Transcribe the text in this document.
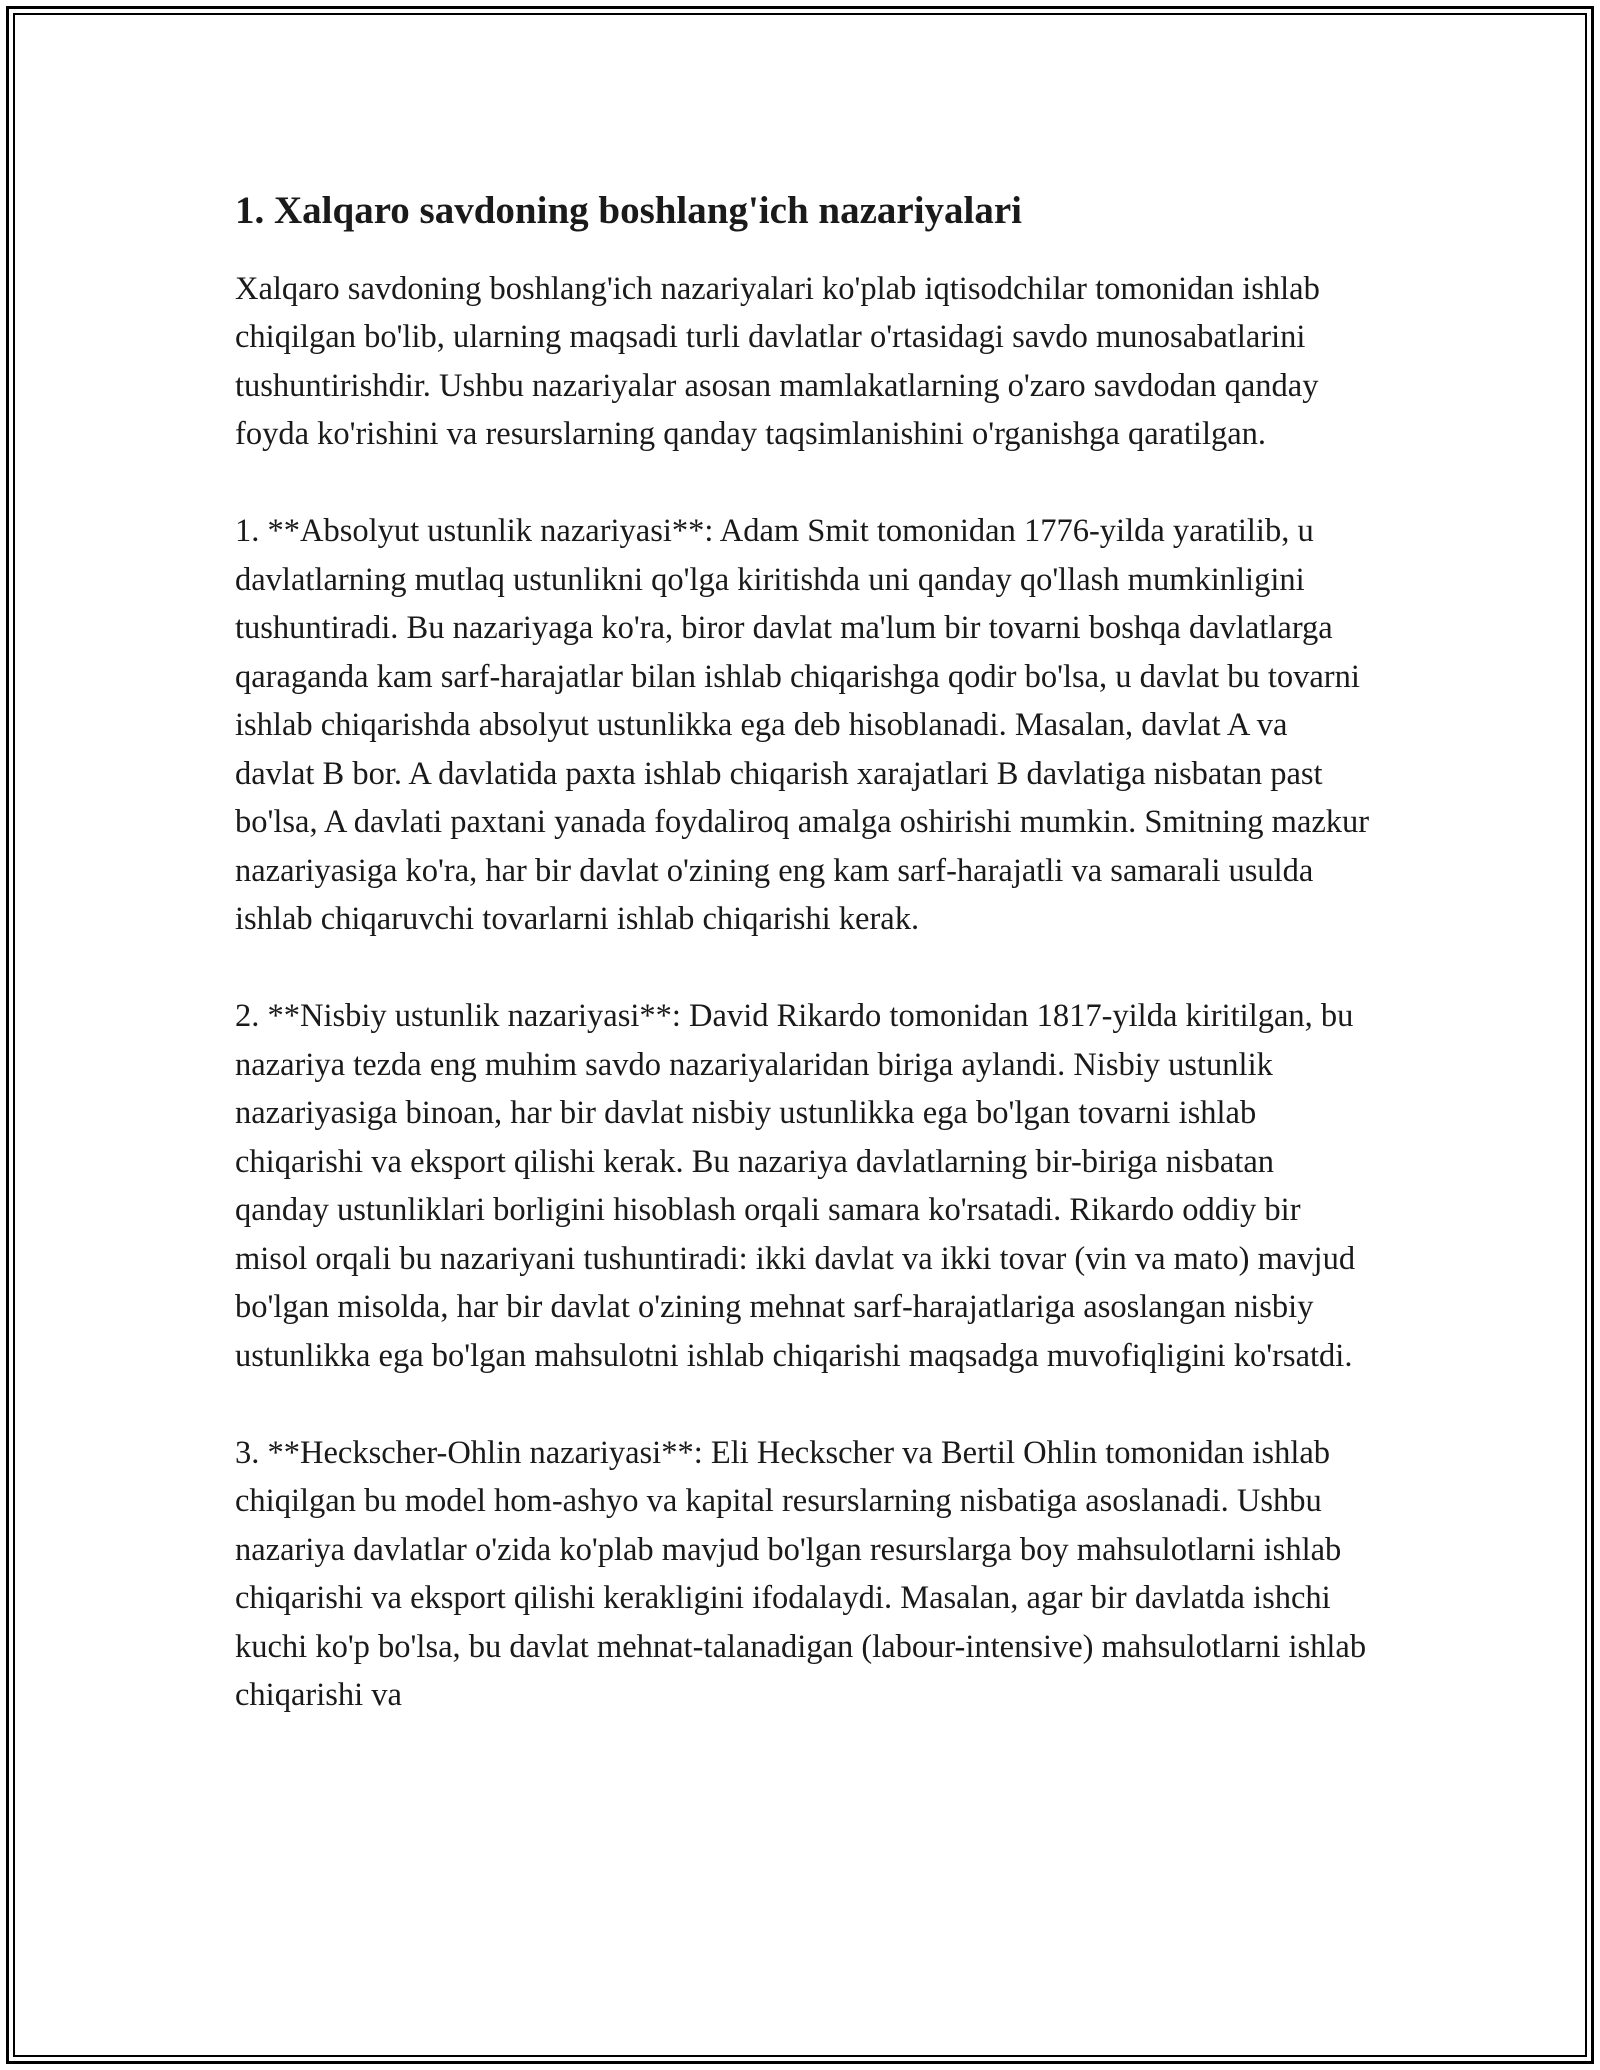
1. Xalqaro savdoning boshlang'ich nazariyalari

Xalqaro savdoning boshlang'ich nazariyalari ko'plab iqtisodchilar tomonidan ishlab chiqilgan bo'lib, ularning maqsadi turli davlatlar o'rtasidagi savdo munosabatlarini tushuntirishdir. Ushbu nazariyalar asosan mamlakatlarning o'zaro savdodan qanday foyda ko'rishini va resurslarning qanday taqsimlanishini o'rganishga qaratilgan.

1. **Absolyut ustunlik nazariyasi**: Adam Smit tomonidan 1776-yilda yaratilib, u davlatlarning mutlaq ustunlikni qo'lga kiritishda uni qanday qo'llash mumkinligini tushuntiradi. Bu nazariyaga ko'ra, biror davlat ma'lum bir tovarni boshqa davlatlarga qaraganda kam sarf-harajatlar bilan ishlab chiqarishga qodir bo'lsa, u davlat bu tovarni ishlab chiqarishda absolyut ustunlikka ega deb hisoblanadi. Masalan, davlat A va davlat B bor. A davlatida paxta ishlab chiqarish xarajatlari B davlatiga nisbatan past bo'lsa, A davlati paxtani yanada foydaliroq amalga oshirishi mumkin. Smitning mazkur nazariyasiga ko'ra, har bir davlat o'zining eng kam sarf-harajatli va samarali usulda ishlab chiqaruvchi tovarlarni ishlab chiqarishi kerak.

2. **Nisbiy ustunlik nazariyasi**: David Rikardo tomonidan 1817-yilda kiritilgan, bu nazariya tezda eng muhim savdo nazariyalaridan biriga aylandi. Nisbiy ustunlik nazariyasiga binoan, har bir davlat nisbiy ustunlikka ega bo'lgan tovarni ishlab chiqarishi va eksport qilishi kerak. Bu nazariya davlatlarning bir-biriga nisbatan qanday ustunliklari borligini hisoblash orqali samara ko'rsatadi. Rikardo oddiy bir misol orqali bu nazariyani tushuntiradi: ikki davlat va ikki tovar (vin va mato) mavjud bo'lgan misolda, har bir davlat o'zining mehnat sarf-harajatlariga asoslangan nisbiy ustunlikka ega bo'lgan mahsulotni ishlab chiqarishi maqsadga muvofiqligini ko'rsatdi.

3. **Heckscher-Ohlin nazariyasi**: Eli Heckscher va Bertil Ohlin tomonidan ishlab chiqilgan bu model hom-ashyo va kapital resurslarning nisbatiga asoslanadi. Ushbu nazariya davlatlar o'zida ko'plab mavjud bo'lgan resurslarga boy mahsulotlarni ishlab chiqarishi va eksport qilishi kerakligini ifodalaydi. Masalan, agar bir davlatda ishchi kuchi ko'p bo'lsa, bu davlat mehnat-talanadigan (labour-intensive) mahsulotlarni ishlab chiqarishi va
